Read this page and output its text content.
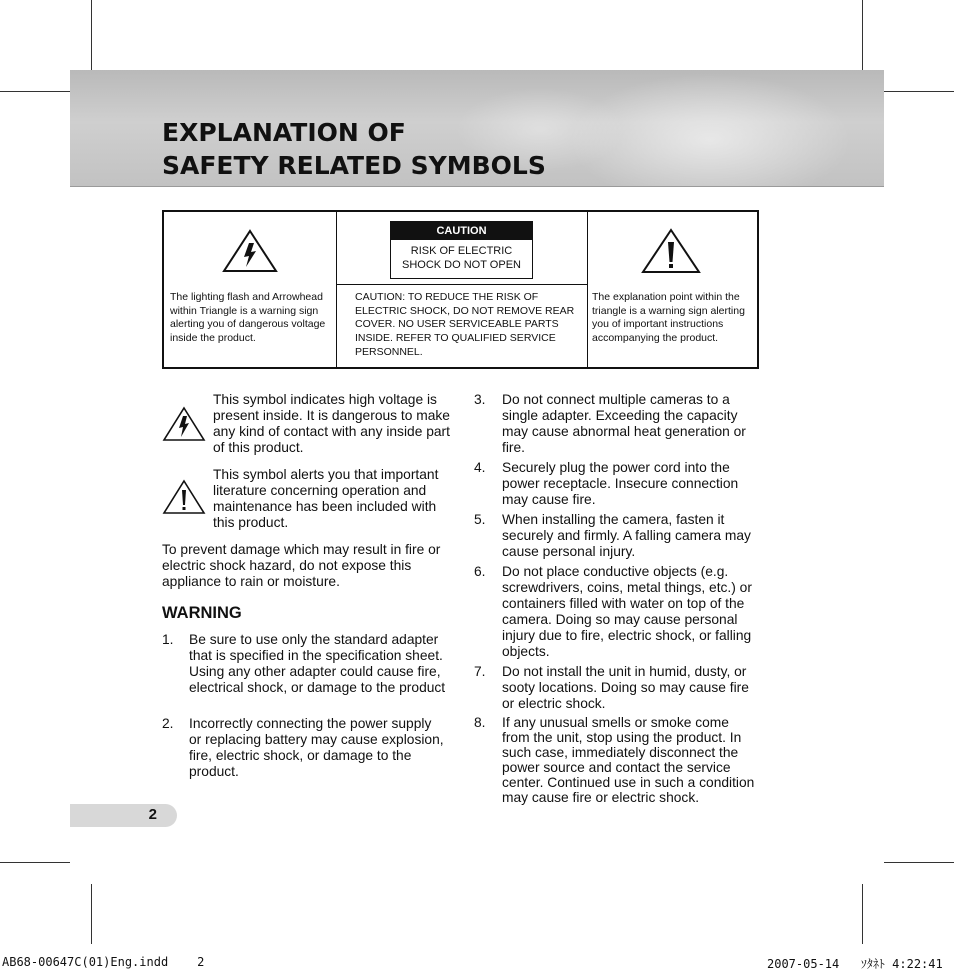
EXPLANATION OF
SAFETY RELATED SYMBOLS

The lighting flash and Arrowhead within Triangle is a warning sign alerting you of dangerous voltage inside the product.

CAUTION

RISK OF ELECTRIC
SHOCK DO NOT OPEN

CAUTION: TO REDUCE THE RISK OF ELECTRIC SHOCK, DO NOT REMOVE REAR COVER. NO USER SERVICEABLE PARTS INSIDE. REFER TO QUALIFIED SERVICE PERSONNEL.

The explanation point within the triangle is a warning sign alerting you of important instructions accompanying the product.

This symbol indicates high voltage is present inside. It is dangerous to make any kind of contact with any inside part of this product.

This symbol alerts you that important literature concerning operation and maintenance has been included with this product.

To prevent damage which may result in fire or electric shock hazard, do not expose this appliance to rain or moisture.

WARNING
1. Be sure to use only the standard adapter that is specified in the specification sheet. Using any other adapter could cause fire, electrical shock, or damage to the product

2. Incorrectly connecting the power supply or replacing battery may cause explosion, fire, electric shock, or damage to the product.

3. Do not connect multiple cameras to a single adapter. Exceeding the capacity may cause abnormal heat generation or fire.

4. Securely plug the power cord into the power receptacle. Insecure connection may cause fire.

5. When installing the camera, fasten it securely and firmly. A falling camera may cause personal injury.

6. Do not place conductive objects (e.g. screwdrivers, coins, metal things, etc.) or containers filled with water on top of the camera. Doing so may cause personal injury due to fire, electric shock, or falling objects.

7. Do not install the unit in humid, dusty, or sooty locations. Doing so may cause fire or electric shock.

8. If any unusual smells or smoke come from the unit, stop using the product. In such case, immediately disconnect the power source and contact the service center. Continued use in such a condition may cause fire or electric shock.

2
AB68-00647C(01)Eng.indd    2	2007-05-14   ｿﾀﾈﾄ 4:22:41
